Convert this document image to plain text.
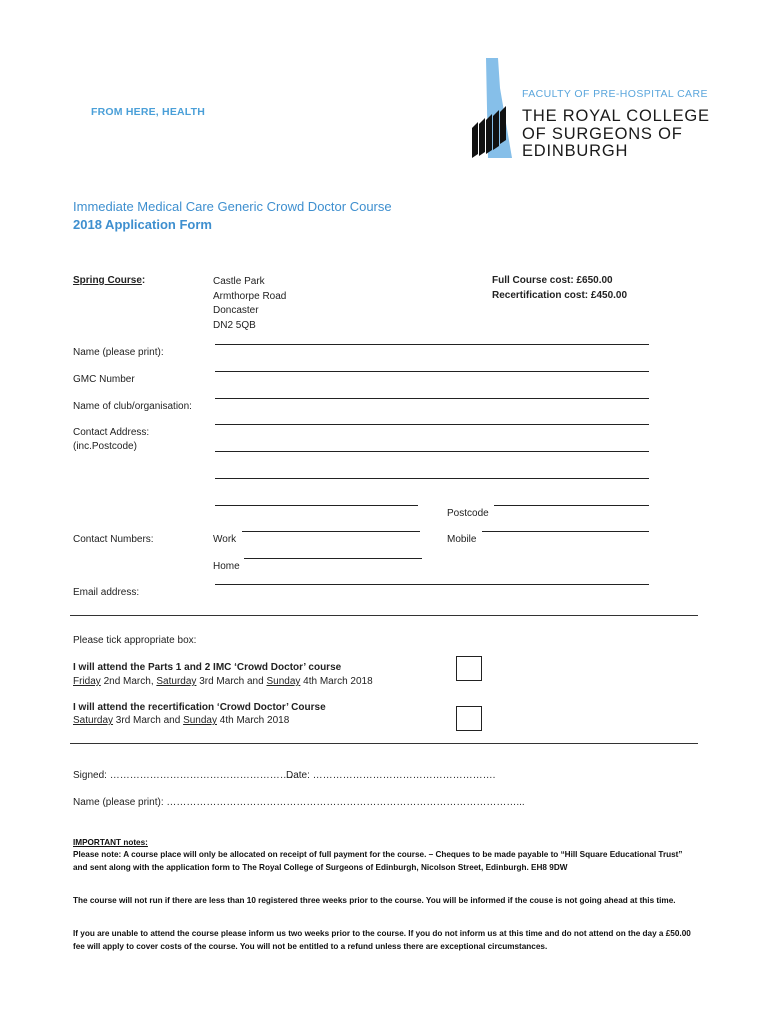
FROM HERE, HEALTH
FACULTY OF PRE-HOSPITAL CARE
THE ROYAL COLLEGE
OF SURGEONS OF
EDINBURGH
Immediate Medical Care Generic Crowd Doctor Course
2018 Application Form
Spring Course:	Castle Park
Armthorpe Road
Doncaster
DN2 5QB
Full Course cost: £650.00
Recertification cost: £450.00
Name (please print):
GMC Number
Name of club/organisation:
Contact Address:
(inc.Postcode)
Postcode
Contact Numbers:	Work	Mobile
Home
Email address:
Please tick appropriate box:
I will attend the Parts 1 and 2 IMC ‘Crowd Doctor’ course
Friday 2nd March, Saturday 3rd March and Sunday 4th March 2018
I will attend the recertification ‘Crowd Doctor’ Course
Saturday 3rd March and Sunday 4th March 2018
Signed: …………………………………………………
Date: ……………………………………………….
Name (please print): ……………………………………………………………………………………………...
IMPORTANT notes:
Please note: A course place will only be allocated on receipt of full payment for the course. – Cheques to be made payable to “Hill Square Educational Trust” and sent along with the application form to The Royal College of Surgeons of Edinburgh, Nicolson Street, Edinburgh. EH8 9DW
The course will not run if there are less than 10 registered three weeks prior to the course. You will be informed if the couse is not going ahead at this time.
If you are unable to attend the course please inform us two weeks prior to the course. If you do not inform us at this time and do not attend on the day a £50.00 fee will apply to cover costs of the course. You will not be entitled to a refund unless there are exceptional circumstances.
